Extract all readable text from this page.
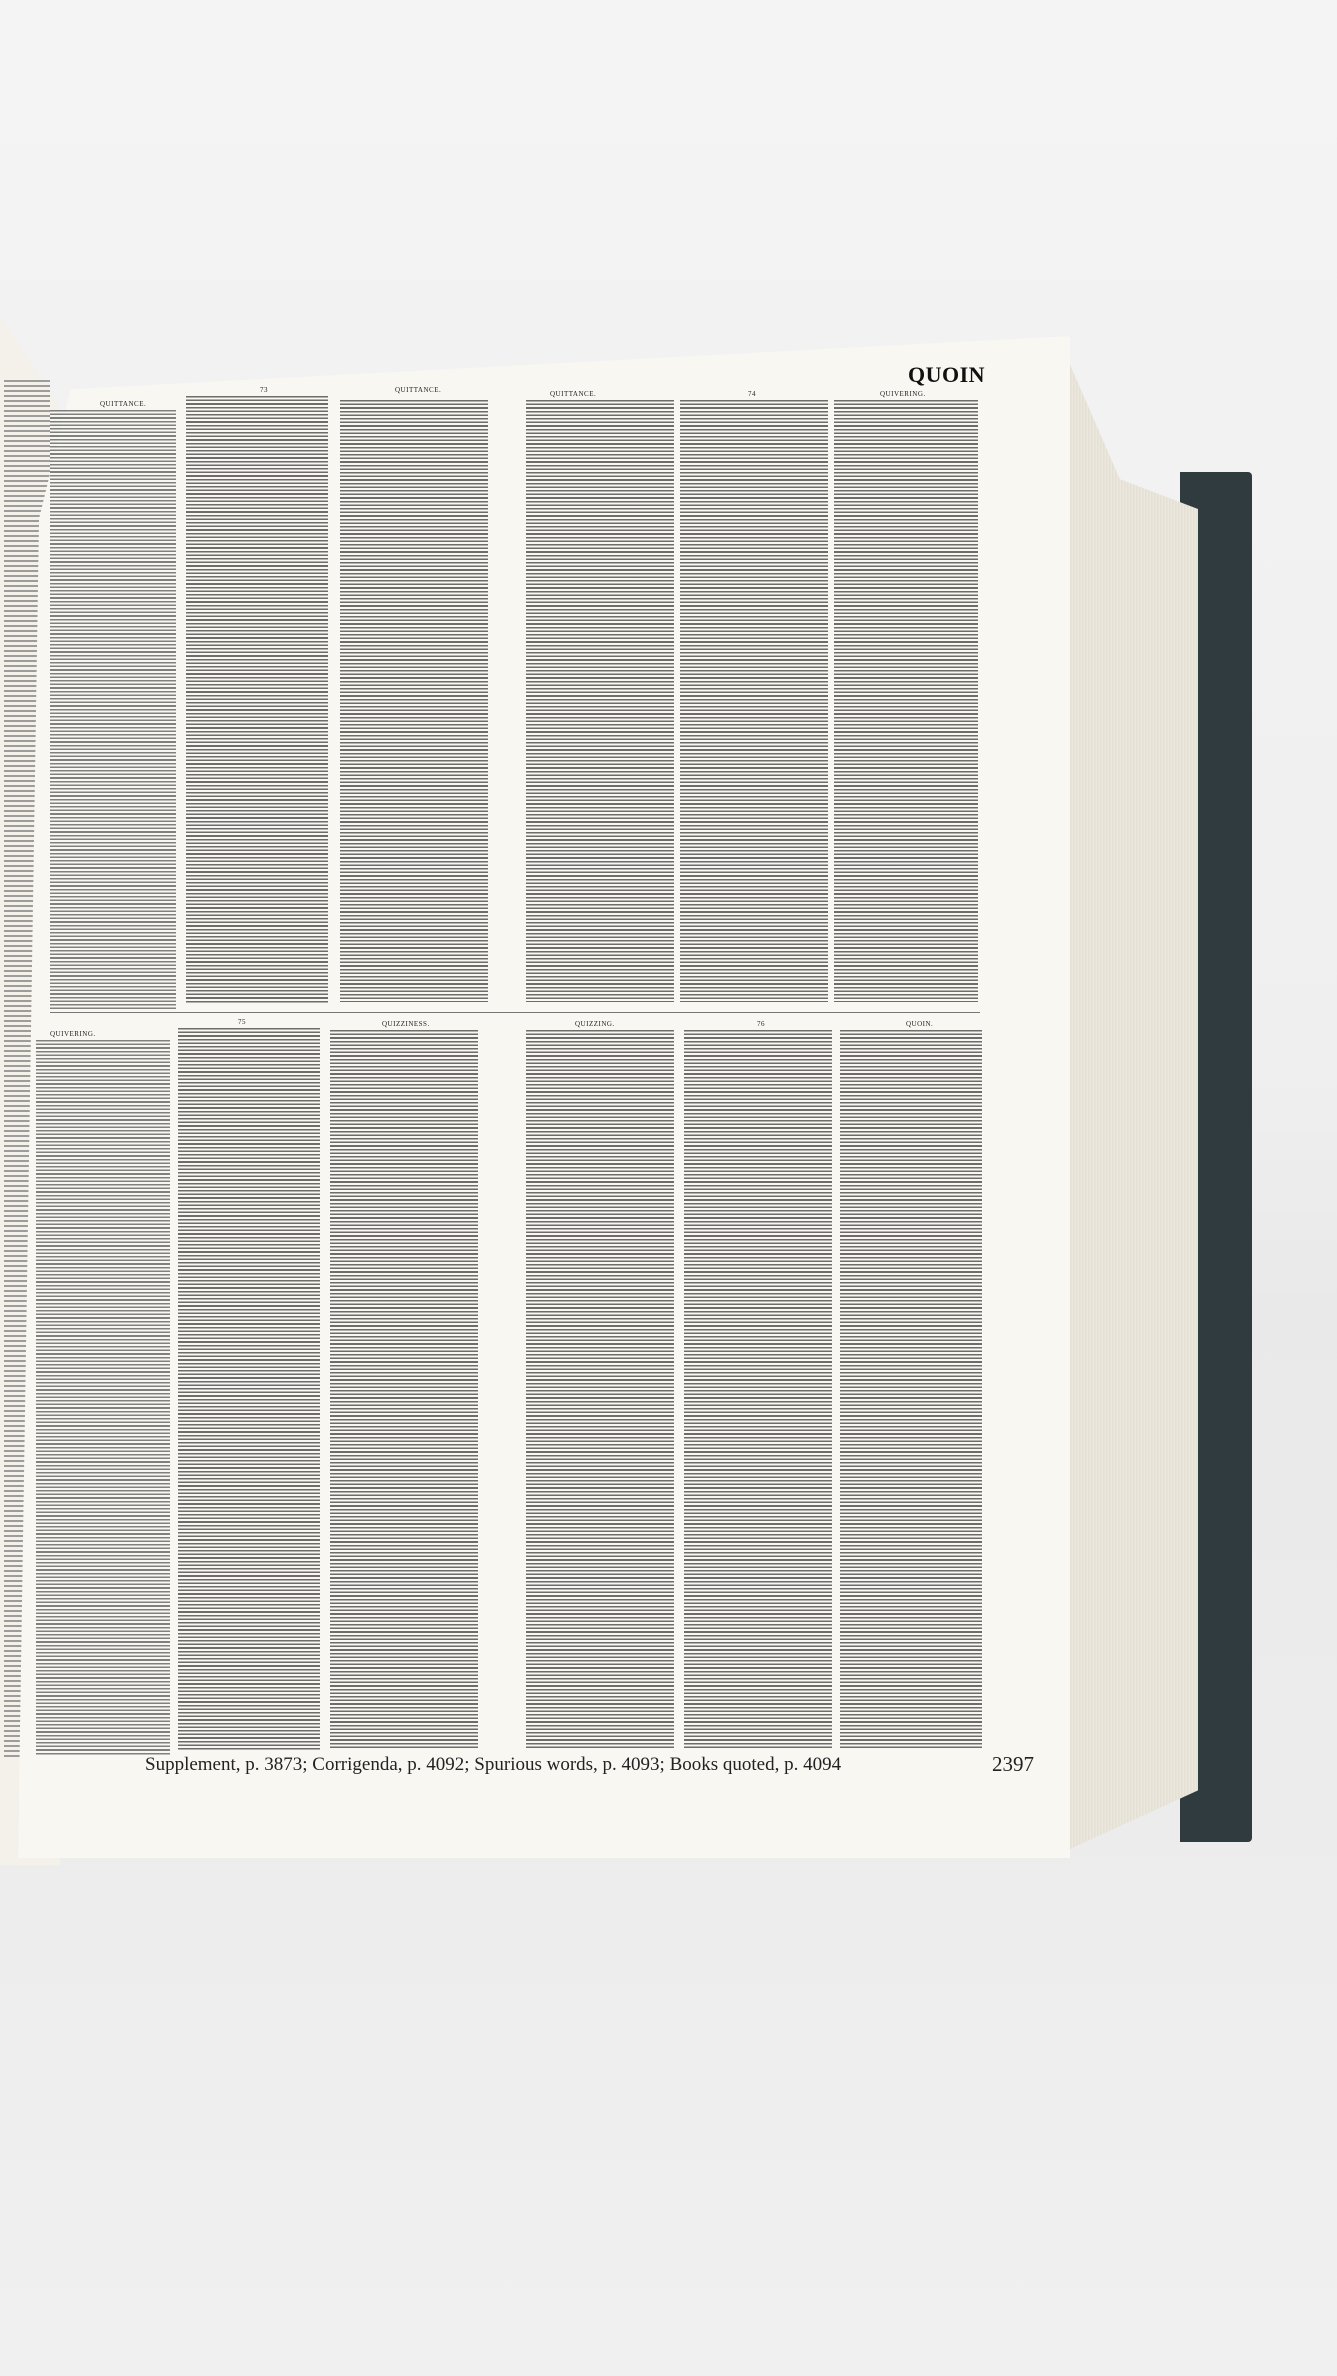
QUOIN
QUITTANCE.
73	QUITTANCE.	QUITTANCE.	74	QUIVERING.
QUIVERING.
75	QUIZZINESS.	QUIZZING.	76	QUOIN.
Supplement, p. 3873; Corrigenda, p. 4092; Spurious words, p. 4093; Books quoted, p. 4094	2397
